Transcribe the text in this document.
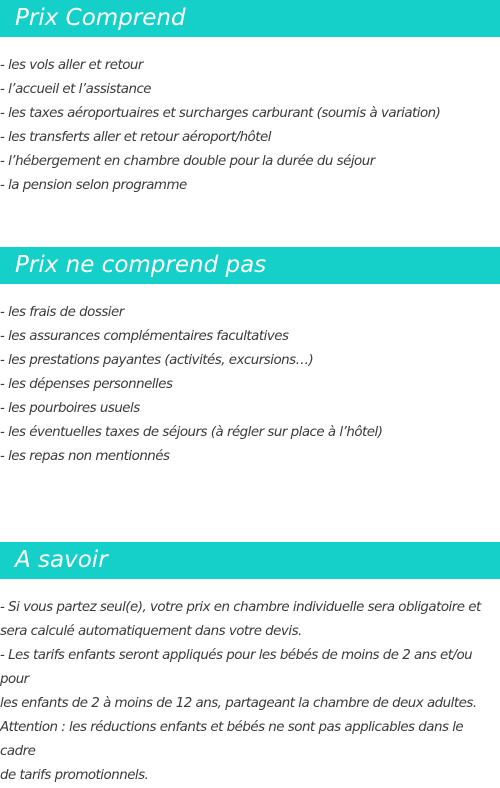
Prix Comprend
- les vols aller et retour
- l’accueil et l’assistance
- les taxes aéroportuaires et surcharges carburant (soumis à variation)
- les transferts aller et retour aéroport/hôtel
- l’hébergement en chambre double pour la durée du séjour
- la pension selon programme
Prix ne comprend pas
- les frais de dossier
- les assurances complémentaires facultatives
- les prestations payantes (activités, excursions…)
- les dépenses personnelles
- les pourboires usuels
- les éventuelles taxes de séjours (à régler sur place à l’hôtel)
- les repas non mentionnés
A savoir
- Si vous partez seul(e), votre prix en chambre individuelle sera obligatoire et
sera calculé automatiquement dans votre devis.
- Les tarifs enfants seront appliqués pour les bébés de moins de 2 ans et/ou pour
les enfants de 2 à moins de 12 ans, partageant la chambre de deux adultes.
Attention : les réductions enfants et bébés ne sont pas applicables dans le cadre
de tarifs promotionnels.
